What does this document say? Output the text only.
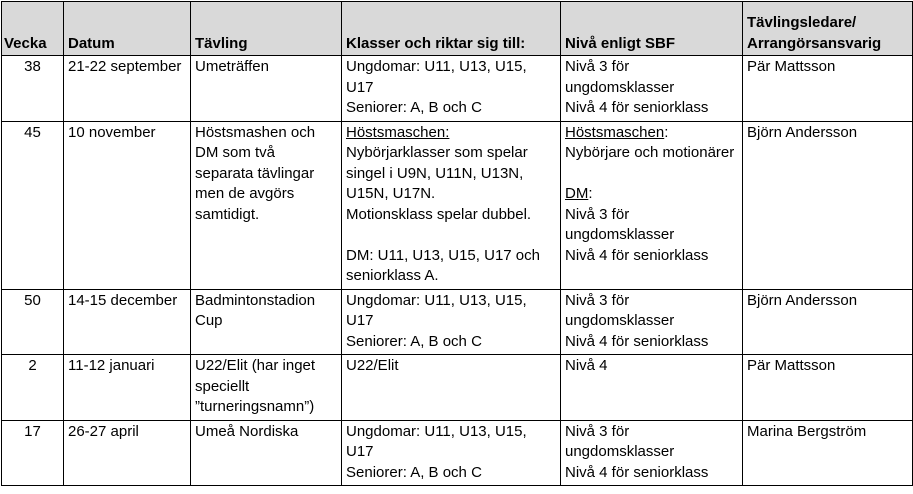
Vecka	Datum	Tävling	Klasser och riktar sig till:	Nivå enligt SBF	Tävlingsledare/
Arrangörsansvarig

38	21-22 september	Umeträffen	Ungdomar: U11, U13, U15, U17
Seniorer: A, B och C	Nivå 3 för ungdomsklasser
Nivå 4 för seniorklass	Pär Mattsson
45	10 november	Höstsmashen och DM som två separata tävlingar men de avgörs samtidigt.	Höstsmaschen:
Nybörjarklasser som spelar singel i U9N, U11N, U13N, U15N, U17N.
Motionsklass spelar dubbel.
DM: U11, U13, U15, U17 och seniorklass A.	Höstsmaschen:
Nybörjare och motionärer
DM:
Nivå 3 för ungdomsklasser
Nivå 4 för seniorklass	Björn Andersson
50	14-15 december	Badmintonstadion Cup	Ungdomar: U11, U13, U15, U17
Seniorer: A, B och C	Nivå 3 för ungdomsklasser
Nivå 4 för seniorklass	Björn Andersson
2	11-12 januari	U22/Elit (har inget speciellt ”turneringsnamn”)	U22/Elit	Nivå 4	Pär Mattsson
17	26-27 april	Umeå Nordiska	Ungdomar: U11, U13, U15, U17
Seniorer: A, B och C	Nivå 3 för ungdomsklasser
Nivå 4 för seniorklass	Marina Bergström
